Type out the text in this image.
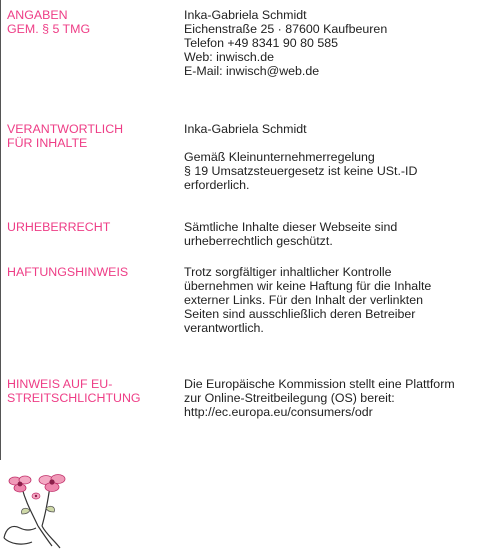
ANGABEN
GEM. § 5 TMG
Inka-Gabriela Schmidt
Eichenstraße 25 · 87600 Kaufbeuren
Telefon +49 8341 90 80 585
Web: inwisch.de
E-Mail: inwisch@web.de
VERANTWORTLICH
FÜR INHALTE
Inka-Gabriela Schmidt
Gemäß Kleinunternehmerregelung
§ 19 Umsatzsteuergesetz ist keine USt.-ID
erforderlich.
URHEBERRECHT	Sämtliche Inhalte dieser Webseite sind
urheberrechtlich geschützt.
HAFTUNGSHINWEIS	Trotz sorgfältiger inhaltlicher Kontrolle
übernehmen wir keine Haftung für die Inhalte
externer Links. Für den Inhalt der verlinkten
Seiten sind ausschließlich deren Betreiber
verantwortlich.
HINWEIS AUF EU-
STREITSCHLICHTUNG
Die Europäische Kommission stellt eine Plattform
zur Online-Streitbeilegung (OS) bereit:
http://ec.europa.eu/consumers/odr
